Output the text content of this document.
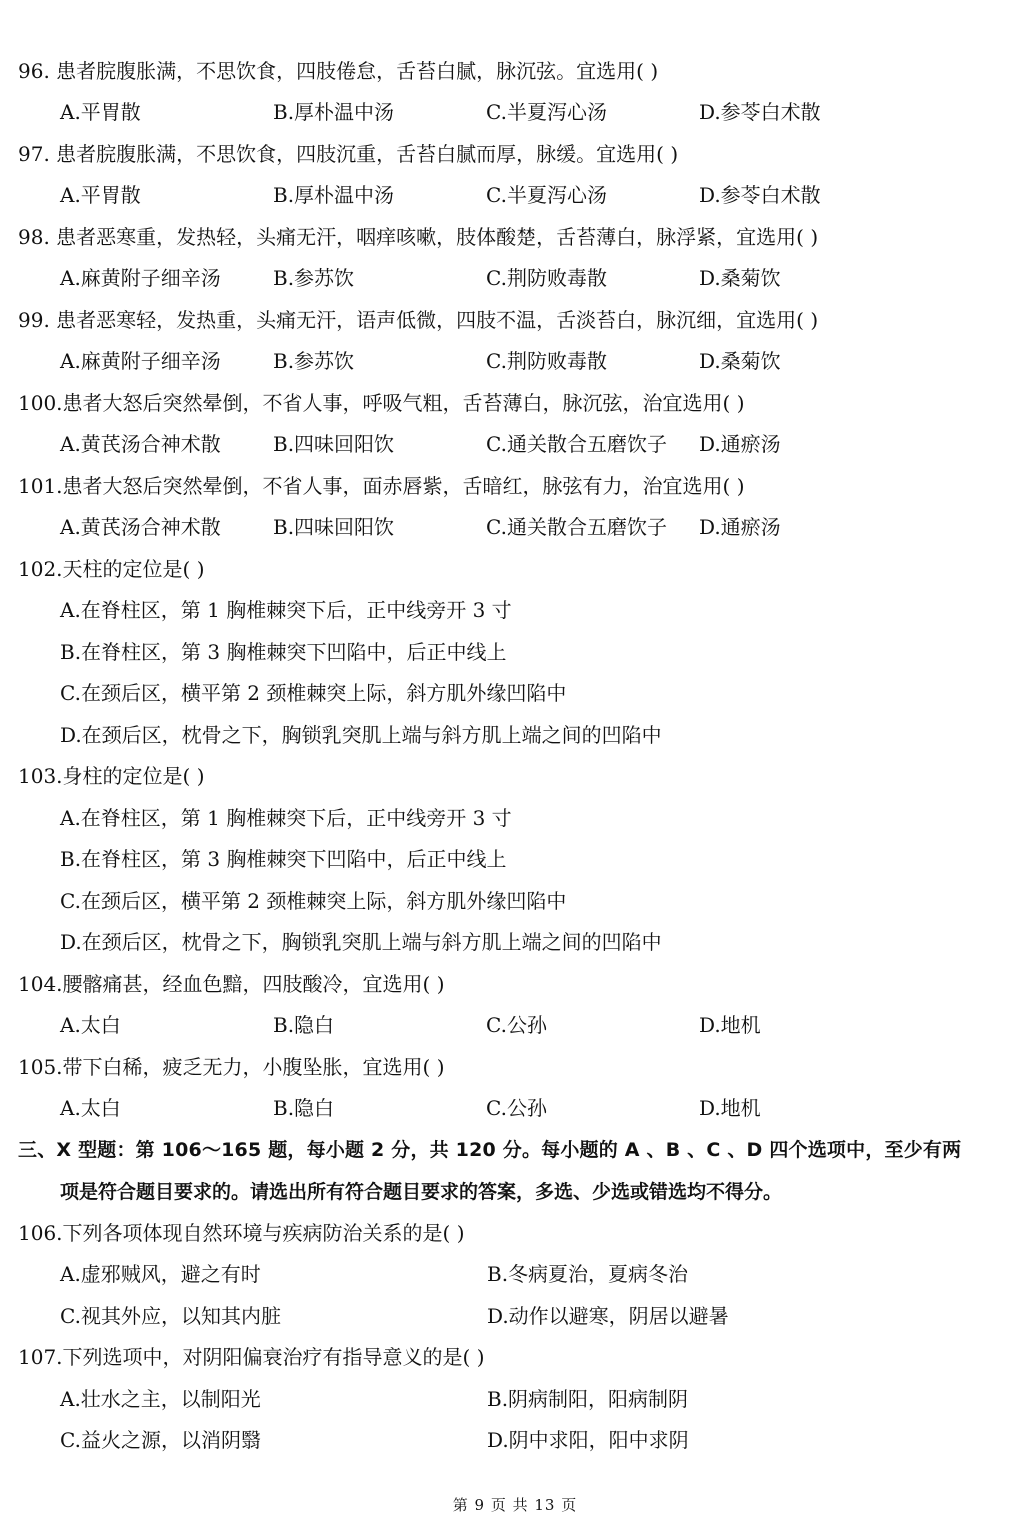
96. 患者脘腹胀满，不思饮食，四肢倦怠，舌苔白腻，脉沉弦。宜选用( )
A.平胃散	B.厚朴温中汤	C.半夏泻心汤	D.参苓白术散
97. 患者脘腹胀满，不思饮食，四肢沉重，舌苔白腻而厚，脉缓。宜选用( )
A.平胃散	B.厚朴温中汤	C.半夏泻心汤	D.参苓白术散
98. 患者恶寒重，发热轻，头痛无汗，咽痒咳嗽，肢体酸楚，舌苔薄白，脉浮紧，宜选用( )
A.麻黄附子细辛汤	B.参苏饮	C.荆防败毒散	D.桑菊饮
99. 患者恶寒轻，发热重，头痛无汗，语声低微，四肢不温，舌淡苔白，脉沉细，宜选用( )
A.麻黄附子细辛汤	B.参苏饮	C.荆防败毒散	D.桑菊饮
100.患者大怒后突然晕倒，不省人事，呼吸气粗，舌苔薄白，脉沉弦，治宜选用( )
A.黄芪汤合神术散	B.四味回阳饮	C.通关散合五磨饮子	D.通瘀汤
101.患者大怒后突然晕倒，不省人事，面赤唇紫，舌暗红，脉弦有力，治宜选用( )
A.黄芪汤合神术散	B.四味回阳饮	C.通关散合五磨饮子	D.通瘀汤
102.天柱的定位是( )
A.在脊柱区，第 1 胸椎棘突下后，正中线旁开 3 寸
B.在脊柱区，第 3 胸椎棘突下凹陷中，后正中线上
C.在颈后区，横平第 2 颈椎棘突上际，斜方肌外缘凹陷中
D.在颈后区，枕骨之下，胸锁乳突肌上端与斜方肌上端之间的凹陷中
103.身柱的定位是( )
A.在脊柱区，第 1 胸椎棘突下后，正中线旁开 3 寸
B.在脊柱区，第 3 胸椎棘突下凹陷中，后正中线上
C.在颈后区，横平第 2 颈椎棘突上际，斜方肌外缘凹陷中
D.在颈后区，枕骨之下，胸锁乳突肌上端与斜方肌上端之间的凹陷中
104.腰髂痛甚，经血色黯，四肢酸冷，宜选用( )
A.太白	B.隐白	C.公孙	D.地机
105.带下白稀，疲乏无力，小腹坠胀，宜选用( )
A.太白	B.隐白	C.公孙	D.地机
三、X 型题：第 106～165 题，每小题 2 分，共 120 分。每小题的 A 、B 、C 、D 四个选项中，至少有两
项是符合题目要求的。请选出所有符合题目要求的答案，多选、少选或错选均不得分。
106.下列各项体现自然环境与疾病防治关系的是( )
A.虚邪贼风，避之有时	B.冬病夏治，夏病冬治
C.视其外应，以知其内脏	D.动作以避寒，阴居以避暑
107.下列选项中，对阴阳偏衰治疗有指导意义的是( )
A.壮水之主，以制阳光	B.阴病制阳，阳病制阴
C.益火之源，以消阴翳	D.阴中求阳，阳中求阴
第 9 页 共 13 页
